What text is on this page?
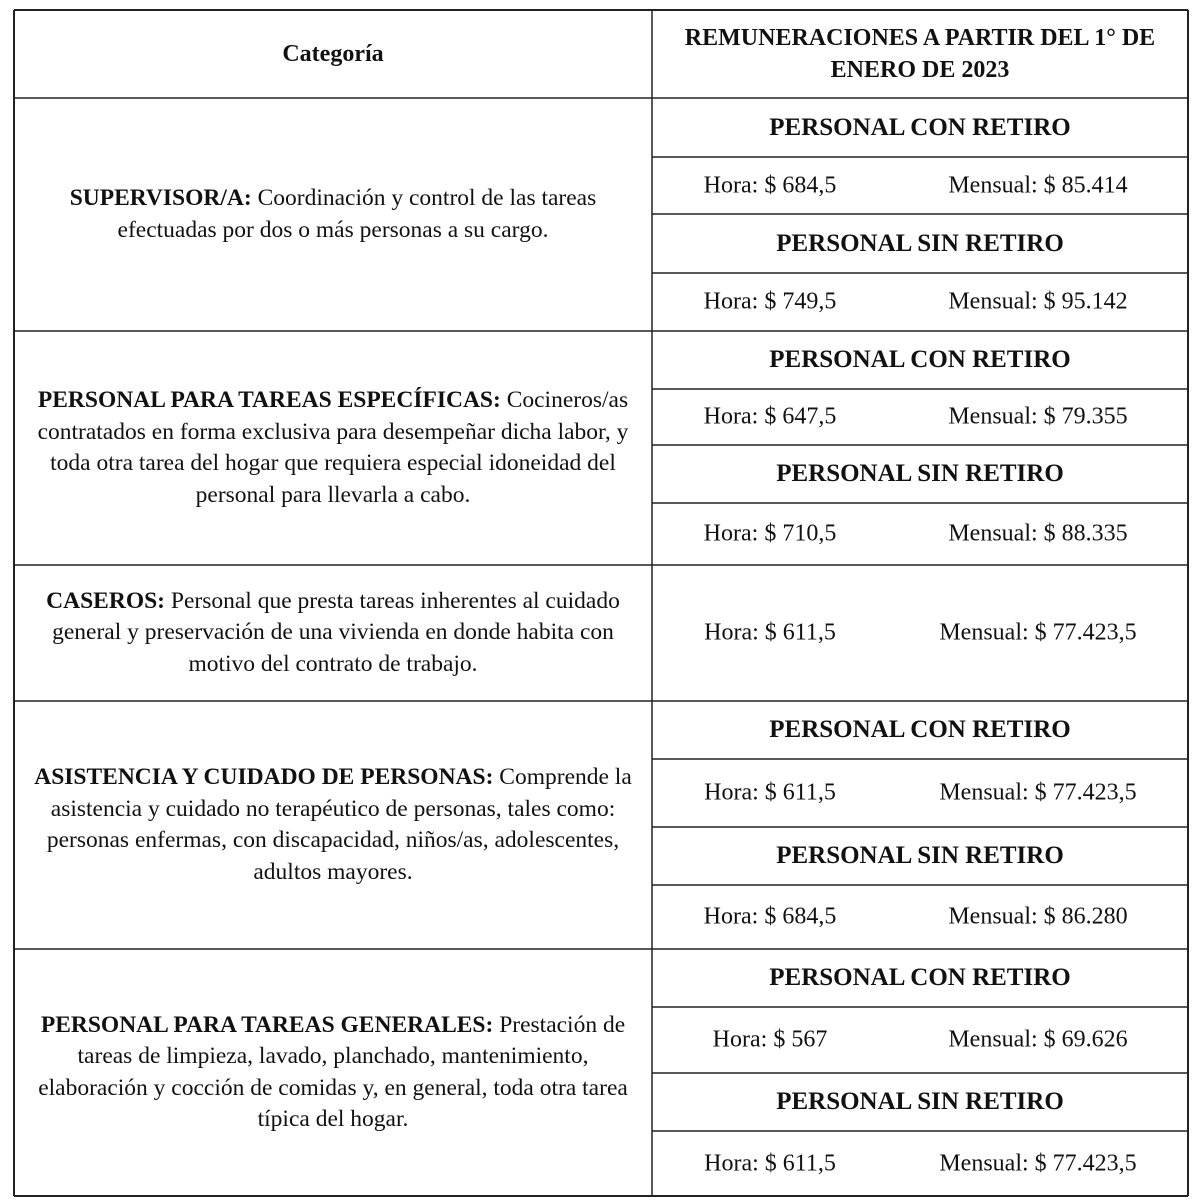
Categoría
REMUNERACIONES A PARTIR DEL 1° DE ENERO DE 2023
SUPERVISOR/A: Coordinación y control de las tareas efectuadas por dos o más personas a su cargo.
PERSONAL CON RETIRO
Hora: $ 684,5	Mensual: $ 85.414
PERSONAL SIN RETIRO
Hora: $ 749,5	Mensual: $ 95.142
PERSONAL PARA TAREAS ESPECÍFICAS: Cocineros/as contratados en forma exclusiva para desempeñar dicha labor, y toda otra tarea del hogar que requiera especial idoneidad del personal para llevarla a cabo.
PERSONAL CON RETIRO
Hora: $ 647,5	Mensual: $ 79.355
PERSONAL SIN RETIRO
Hora: $ 710,5	Mensual: $ 88.335
CASEROS: Personal que presta tareas inherentes al cuidado general y preservación de una vivienda en donde habita con motivo del contrato de trabajo.
Hora: $ 611,5	Mensual: $ 77.423,5
ASISTENCIA Y CUIDADO DE PERSONAS: Comprende la asistencia y cuidado no terapéutico de personas, tales como: personas enfermas, con discapacidad, niños/as, adolescentes, adultos mayores.
PERSONAL CON RETIRO
Hora: $ 611,5	Mensual: $ 77.423,5
PERSONAL SIN RETIRO
Hora: $ 684,5	Mensual: $ 86.280
PERSONAL PARA TAREAS GENERALES: Prestación de tareas de limpieza, lavado, planchado, mantenimiento, elaboración y cocción de comidas y, en general, toda otra tarea típica del hogar.
PERSONAL CON RETIRO
Hora: $ 567	Mensual: $ 69.626
PERSONAL SIN RETIRO
Hora: $ 611,5	Mensual: $ 77.423,5
